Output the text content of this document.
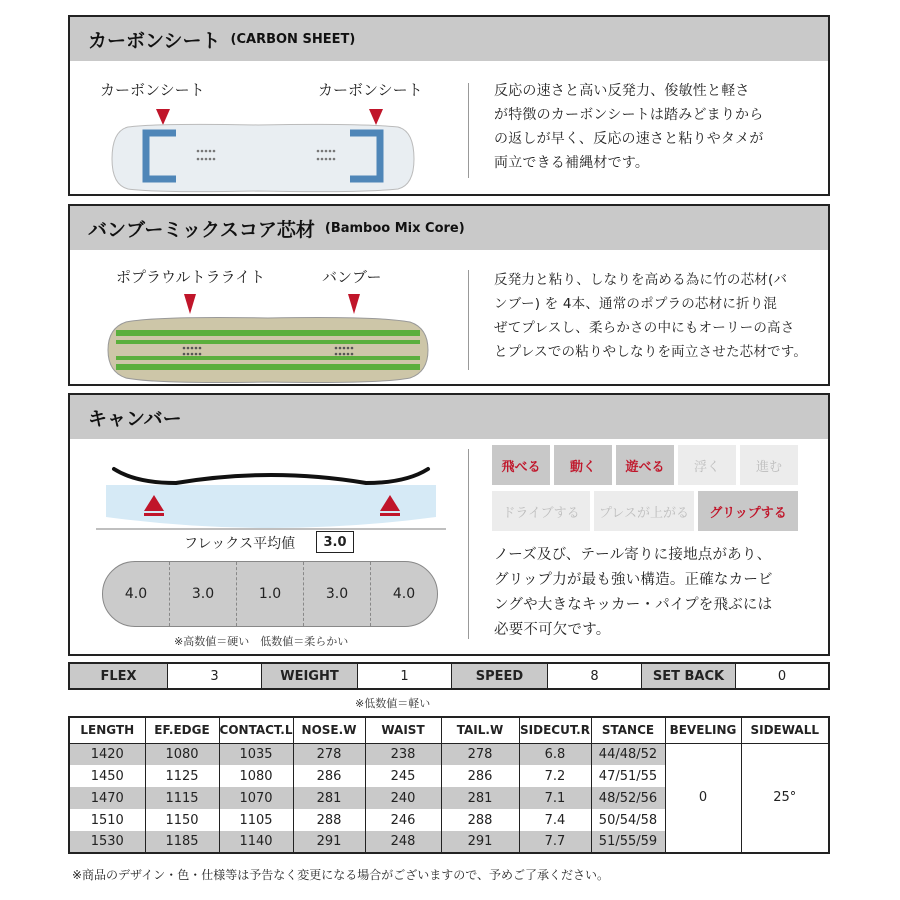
カーボンシート (CARBON SHEET)
カーボンシート	カーボンシート	反応の速さと高い反発力、俊敏性と軽さ
が特徴のカーボンシートは踏みどまりから
の返しが早く、反応の速さと粘りやタメが
両立できる補縄材です。
バンブーミックスコア芯材 (Bamboo Mix Core)
ポプラウルトラライト	バンブー	反発力と粘り、しなりを高める為に竹の芯材(バ
ンブー) を 4本、通常のポプラの芯材に折り混
ぜてプレスし、柔らかさの中にもオーリーの高さ
とプレスでの粘りやしなりを両立させた芯材です。
キャンバー
フレックス平均値	3.0
4.0	3.0	1.0	3.0	4.0
※高数値＝硬い　低数値＝柔らかい
飛べる	動く	遊べる	浮く	進む
ドライブする	プレスが上がる	グリップする
ノーズ及び、テール寄りに接地点があり、
グリップ力が最も強い構造。正確なカービ
ングや大きなキッカー・パイプを飛ぶには
必要不可欠です。
FLEX	3	WEIGHT	1	SPEED	8	SET BACK	0
※低数値＝軽い
LENGTH	EF.EDGE	CONTACT.L	NOSE.W	WAIST	TAIL.W	SIDECUT.R	STANCE	BEVELING	SIDEWALL
1420	1080	1035	278	238	278	6.8	44/48/52	0	25°
1450	1125	1080	286	245	286	7.2	47/51/55		
1470	1115	1070	281	240	281	7.1	48/52/56		
1510	1150	1105	288	246	288	7.4	50/54/58		
1530	1185	1140	291	248	291	7.7	51/55/59		
※商品のデザイン・色・仕様等は予告なく変更になる場合がございますので、予めご了承ください。
